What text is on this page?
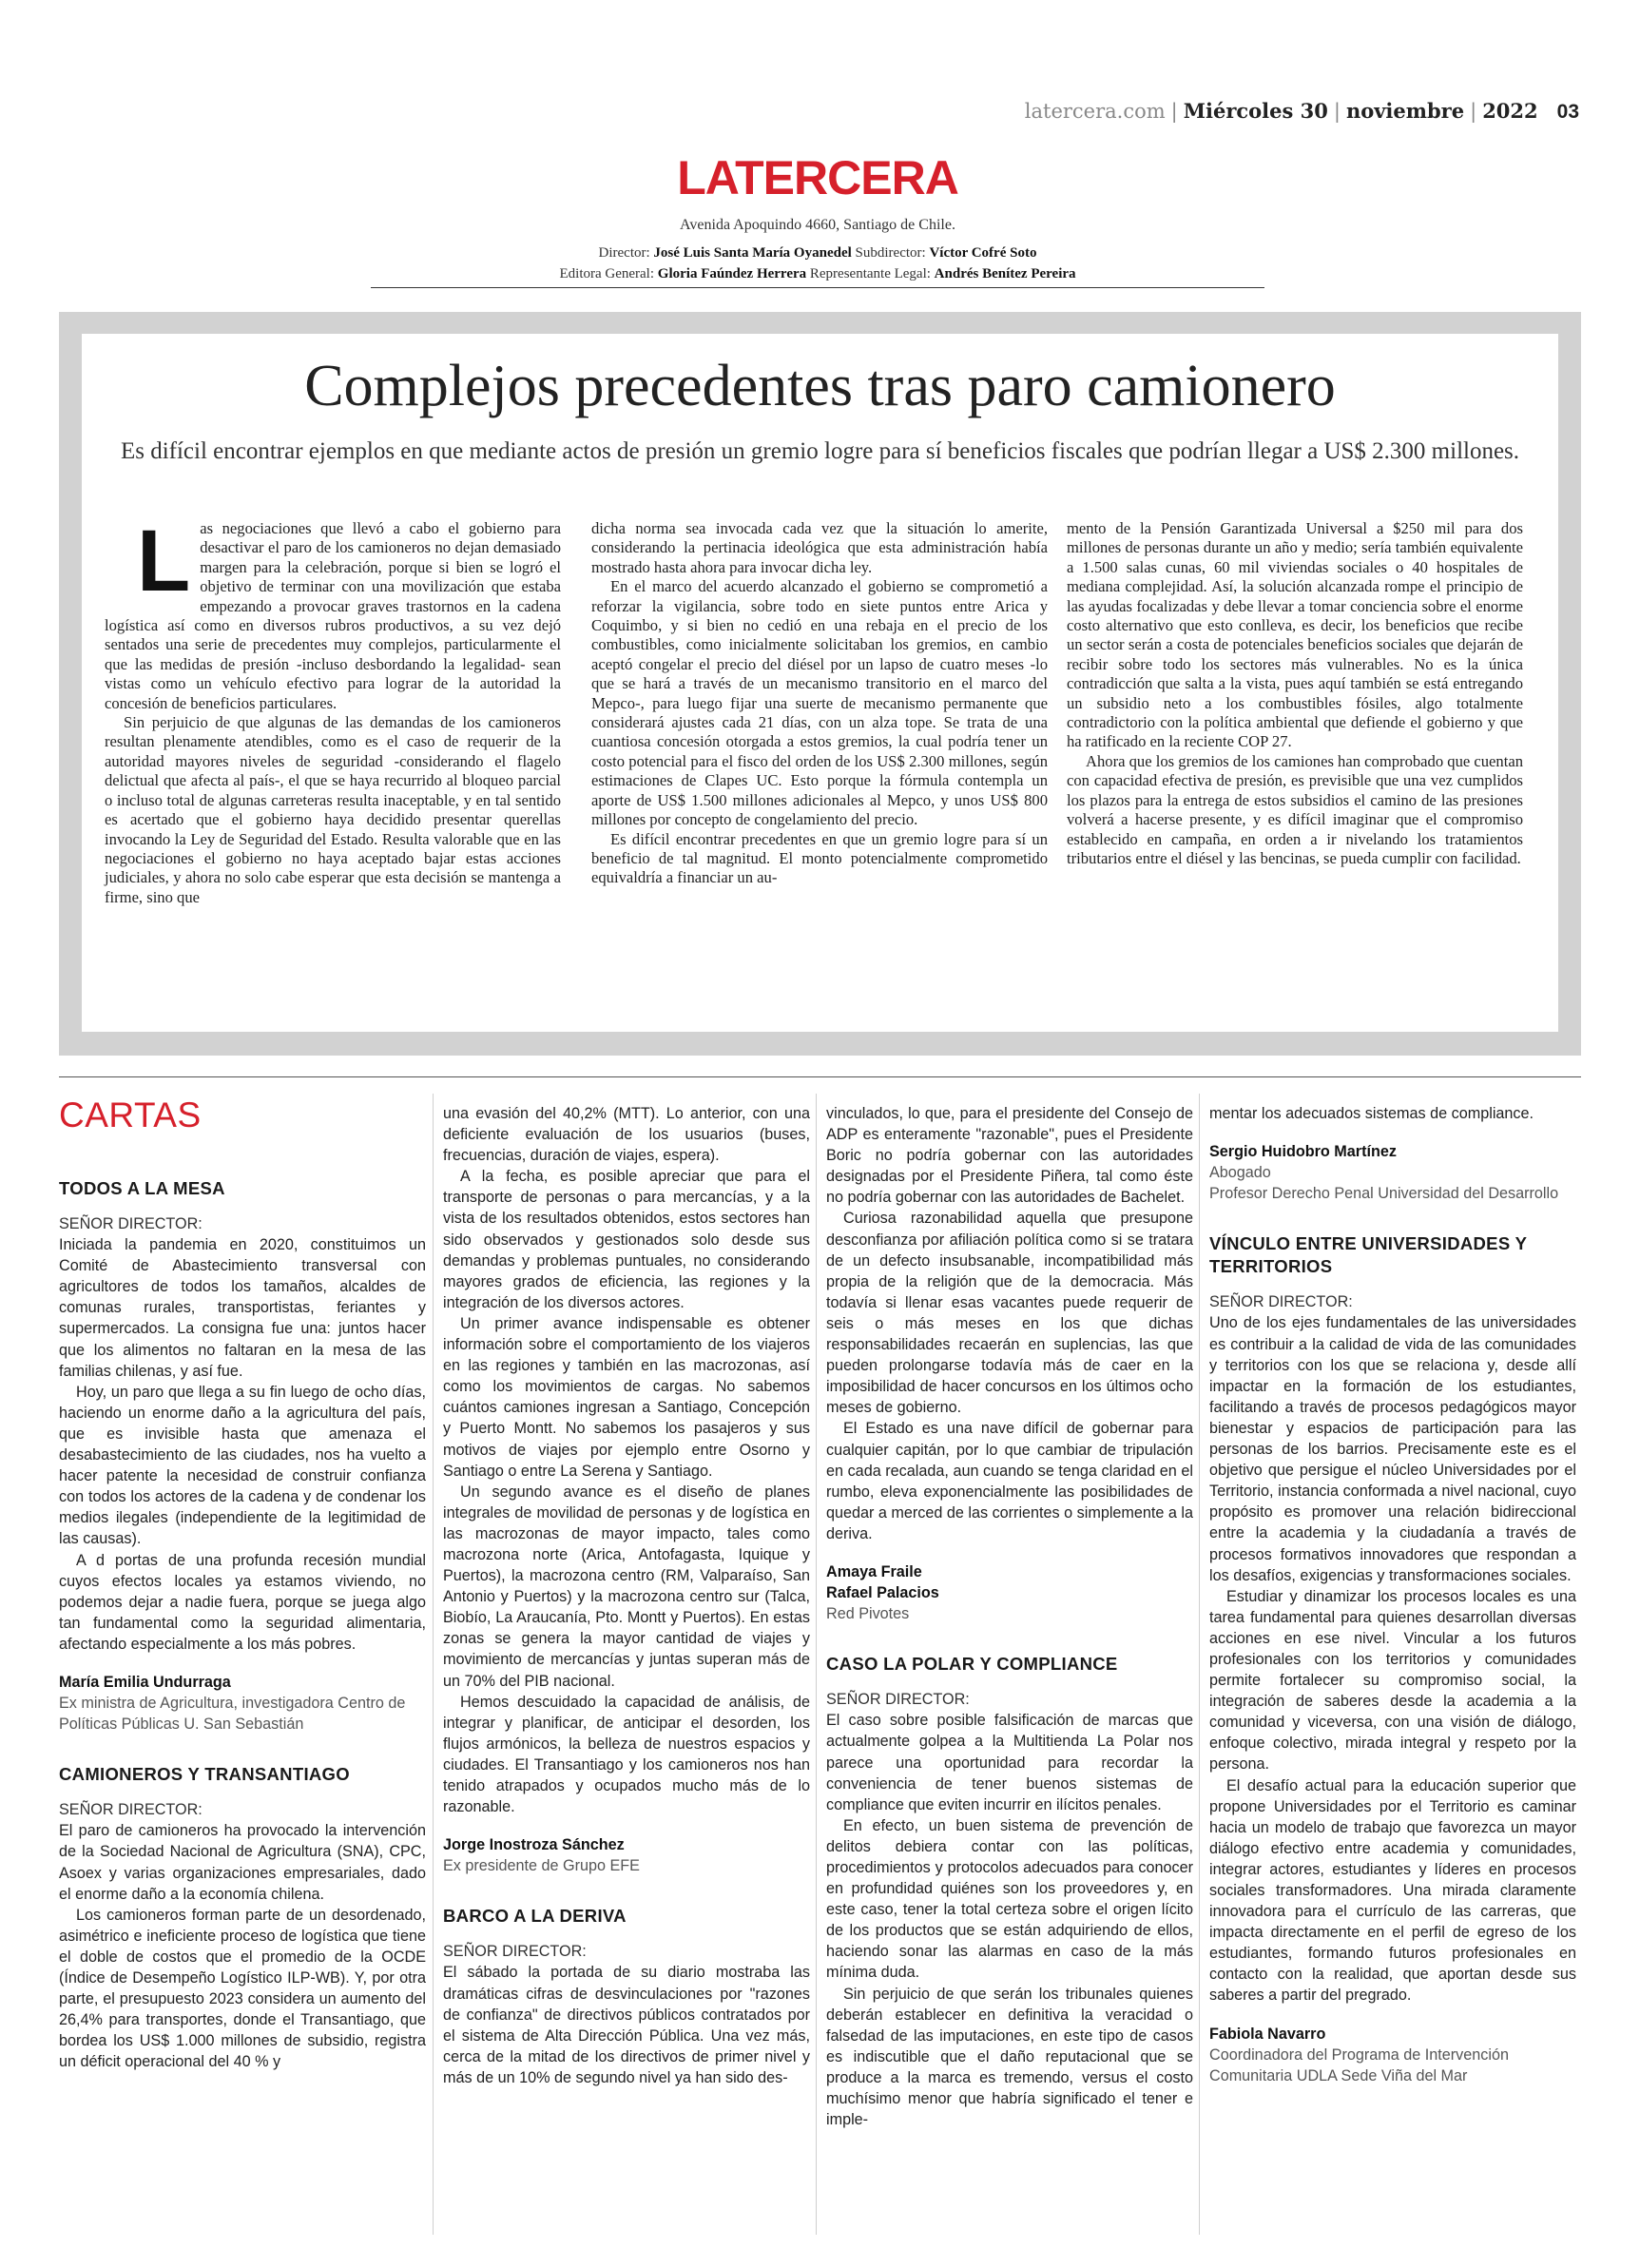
latercera.com | Miércoles 30 | noviembre | 2022 03
LATERCERA
Avenida Apoquindo 4660, Santiago de Chile.
Director: José Luis Santa María Oyanedel Subdirector: Víctor Cofré Soto
Editora General: Gloria Faúndez Herrera Representante Legal: Andrés Benítez Pereira
Complejos precedentes tras paro camionero
Es difícil encontrar ejemplos en que mediante actos de presión un gremio logre para sí beneficios fiscales que podrían llegar a US$ 2.300 millones.
L as negociaciones que llevó a cabo el gobierno para desactivar el paro de los camioneros no dejan demasiado margen para la celebración, porque si bien se logró el objetivo de terminar con una movilización que estaba empezando a provocar graves trastornos en la cadena logística así como en diversos rubros productivos, a su vez dejó sentados una serie de precedentes muy complejos, particularmente el que las medidas de presión -incluso desbordando la legalidad- sean vistas como un vehículo efectivo para lograr de la autoridad la concesión de beneficios particulares.

Sin perjuicio de que algunas de las demandas de los camioneros resultan plenamente atendibles, como es el caso de requerir de la autoridad mayores niveles de seguridad -considerando el flagelo delictual que afecta al país-, el que se haya recurrido al bloqueo parcial o incluso total de algunas carreteras resulta inaceptable, y en tal sentido es acertado que el gobierno haya decidido presentar querellas invocando la Ley de Seguridad del Estado. Resulta valorable que en las negociaciones el gobierno no haya aceptado bajar estas acciones judiciales, y ahora no solo cabe esperar que esta decisión se mantenga a firme, sino que

dicha norma sea invocada cada vez que la situación lo amerite, considerando la pertinacia ideológica que esta administración había mostrado hasta ahora para invocar dicha ley.

En el marco del acuerdo alcanzado el gobierno se comprometió a reforzar la vigilancia, sobre todo en siete puntos entre Arica y Coquimbo, y si bien no cedió en una rebaja en el precio de los combustibles, como inicialmente solicitaban los gremios, en cambio aceptó congelar el precio del diésel por un lapso de cuatro meses -lo que se hará a través de un mecanismo transitorio en el marco del Mepco-, para luego fijar una suerte de mecanismo permanente que considerará ajustes cada 21 días, con un alza tope. Se trata de una cuantiosa concesión otorgada a estos gremios, la cual podría tener un costo potencial para el fisco del orden de los US$ 2.300 millones, según estimaciones de Clapes UC. Esto porque la fórmula contempla un aporte de US$ 1.500 millones adicionales al Mepco, y unos US$ 800 millones por concepto de congelamiento del precio.

Es difícil encontrar precedentes en que un gremio logre para sí un beneficio de tal magnitud. El monto potencialmente comprometido equivaldría a financiar un au-

mento de la Pensión Garantizada Universal a $250 mil para dos millones de personas durante un año y medio; sería también equivalente a 1.500 salas cunas, 60 mil viviendas sociales o 40 hospitales de mediana complejidad. Así, la solución alcanzada rompe el principio de las ayudas focalizadas y debe llevar a tomar conciencia sobre el enorme costo alternativo que esto conlleva, es decir, los beneficios que recibe un sector serán a costa de potenciales beneficios sociales que dejarán de recibir sobre todo los sectores más vulnerables. No es la única contradicción que salta a la vista, pues aquí también se está entregando un subsidio neto a los combustibles fósiles, algo totalmente contradictorio con la política ambiental que defiende el gobierno y que ha ratificado en la reciente COP 27.

Ahora que los gremios de los camiones han comprobado que cuentan con capacidad efectiva de presión, es previsible que una vez cumplidos los plazos para la entrega de estos subsidios el camino de las presiones volverá a hacerse presente, y es difícil imaginar que el compromiso establecido en campaña, en orden a ir nivelando los tratamientos tributarios entre el diésel y las bencinas, se pueda cumplir con facilidad.

CARTAS
TODOS A LA MESA

SEÑOR DIRECTOR:

Iniciada la pandemia en 2020, constituimos un Comité de Abastecimiento transversal con agricultores de todos los tamaños, alcaldes de comunas rurales, transportistas, feriantes y supermercados. La consigna fue una: juntos hacer que los alimentos no faltaran en la mesa de las familias chilenas, y así fue.

Hoy, un paro que llega a su fin luego de ocho días, haciendo un enorme daño a la agricultura del país, que es invisible hasta que amenaza el desabastecimiento de las ciudades, nos ha vuelto a hacer patente la necesidad de construir confianza con todos los actores de la cadena y de condenar los medios ilegales (independiente de la legitimidad de las causas).

A d portas de una profunda recesión mundial cuyos efectos locales ya estamos viviendo, no podemos dejar a nadie fuera, porque se juega algo tan fundamental como la seguridad alimentaria, afectando especialmente a los más pobres.

María Emilia Undurraga

Ex ministra de Agricultura, investigadora Centro de Políticas Públicas U. San Sebastián

CAMIONEROS Y TRANSANTIAGO

SEÑOR DIRECTOR:

El paro de camioneros ha provocado la intervención de la Sociedad Nacional de Agricultura (SNA), CPC, Asoex y varias organizaciones empresariales, dado el enorme daño a la economía chilena.

Los camioneros forman parte de un desordenado, asimétrico e ineficiente proceso de logística que tiene el doble de costos que el promedio de la OCDE (Índice de Desempeño Logístico ILP-WB). Y, por otra parte, el presupuesto 2023 considera un aumento del 26,4% para transportes, donde el Transantiago, que bordea los US$ 1.000 millones de subsidio, registra un déficit operacional del 40 % y

una evasión del 40,2% (MTT). Lo anterior, con una deficiente evaluación de los usuarios (buses, frecuencias, duración de viajes, espera).

A la fecha, es posible apreciar que para el transporte de personas o para mercancías, y a la vista de los resultados obtenidos, estos sectores han sido observados y gestionados solo desde sus demandas y problemas puntuales, no considerando mayores grados de eficiencia, las regiones y la integración de los diversos actores.

Un primer avance indispensable es obtener información sobre el comportamiento de los viajeros en las regiones y también en las macrozonas, así como los movimientos de cargas. No sabemos cuántos camiones ingresan a Santiago, Concepción y Puerto Montt. No sabemos los pasajeros y sus motivos de viajes por ejemplo entre Osorno y Santiago o entre La Serena y Santiago.

Un segundo avance es el diseño de planes integrales de movilidad de personas y de logística en las macrozonas de mayor impacto, tales como macrozona norte (Arica, Antofagasta, Iquique y Puertos), la macrozona centro (RM, Valparaíso, San Antonio y Puertos) y la macrozona centro sur (Talca, Biobío, La Araucanía, Pto. Montt y Puertos). En estas zonas se genera la mayor cantidad de viajes y movimiento de mercancías y juntas superan más de un 70% del PIB nacional.

Hemos descuidado la capacidad de análisis, de integrar y planificar, de anticipar el desorden, los flujos armónicos, la belleza de nuestros espacios y ciudades. El Transantiago y los camioneros nos han tenido atrapados y ocupados mucho más de lo razonable.

Jorge Inostroza Sánchez

Ex presidente de Grupo EFE

BARCO A LA DERIVA

SEÑOR DIRECTOR:

El sábado la portada de su diario mostraba las dramáticas cifras de desvinculaciones por "razones de confianza" de directivos públicos contratados por el sistema de Alta Dirección Pública. Una vez más, cerca de la mitad de los directivos de primer nivel y más de un 10% de segundo nivel ya han sido des-

vinculados, lo que, para el presidente del Consejo de ADP es enteramente "razonable", pues el Presidente Boric no podría gobernar con las autoridades designadas por el Presidente Piñera, tal como éste no podría gobernar con las autoridades de Bachelet.

Curiosa razonabilidad aquella que presupone desconfianza por afiliación política como si se tratara de un defecto insubsanable, incompatibilidad más propia de la religión que de la democracia. Más todavía si llenar esas vacantes puede requerir de seis o más meses en los que dichas responsabilidades recaerán en suplencias, las que pueden prolongarse todavía más de caer en la imposibilidad de hacer concursos en los últimos ocho meses de gobierno.

El Estado es una nave difícil de gobernar para cualquier capitán, por lo que cambiar de tripulación en cada recalada, aun cuando se tenga claridad en el rumbo, eleva exponencialmente las posibilidades de quedar a merced de las corrientes o simplemente a la deriva.

Amaya Fraile

Rafael Palacios

Red Pivotes

CASO LA POLAR Y COMPLIANCE

SEÑOR DIRECTOR:

El caso sobre posible falsificación de marcas que actualmente golpea a la Multitienda La Polar nos parece una oportunidad para recordar la conveniencia de tener buenos sistemas de compliance que eviten incurrir en ilícitos penales.

En efecto, un buen sistema de prevención de delitos debiera contar con las políticas, procedimientos y protocolos adecuados para conocer en profundidad quiénes son los proveedores y, en este caso, tener la total certeza sobre el origen lícito de los productos que se están adquiriendo de ellos, haciendo sonar las alarmas en caso de la más mínima duda.

Sin perjuicio de que serán los tribunales quienes deberán establecer en definitiva la veracidad o falsedad de las imputaciones, en este tipo de casos es indiscutible que el daño reputacional que se produce a la marca es tremendo, versus el costo muchísimo menor que habría significado el tener e imple-

mentar los adecuados sistemas de compliance.

Sergio Huidobro Martínez

Abogado

Profesor Derecho Penal Universidad del Desarrollo

VÍNCULO ENTRE UNIVERSIDADES Y TERRITORIOS

SEÑOR DIRECTOR:

Uno de los ejes fundamentales de las universidades es contribuir a la calidad de vida de las comunidades y territorios con los que se relaciona y, desde allí impactar en la formación de los estudiantes, facilitando a través de procesos pedagógicos mayor bienestar y espacios de participación para las personas de los barrios. Precisamente este es el objetivo que persigue el núcleo Universidades por el Territorio, instancia conformada a nivel nacional, cuyo propósito es promover una relación bidireccional entre la academia y la ciudadanía a través de procesos formativos innovadores que respondan a los desafíos, exigencias y transformaciones sociales.

Estudiar y dinamizar los procesos locales es una tarea fundamental para quienes desarrollan diversas acciones en ese nivel. Vincular a los futuros profesionales con los territorios y comunidades permite fortalecer su compromiso social, la integración de saberes desde la academia a la comunidad y viceversa, con una visión de diálogo, enfoque colectivo, mirada integral y respeto por la persona.

El desafío actual para la educación superior que propone Universidades por el Territorio es caminar hacia un modelo de trabajo que favorezca un mayor diálogo efectivo entre academia y comunidades, integrar actores, estudiantes y líderes en procesos sociales transformadores. Una mirada claramente innovadora para el currículo de las carreras, que impacta directamente en el perfil de egreso de los estudiantes, formando futuros profesionales en contacto con la realidad, que aportan desde sus saberes a partir del pregrado.

Fabiola Navarro

Coordinadora del Programa de Intervención Comunitaria UDLA Sede Viña del Mar
